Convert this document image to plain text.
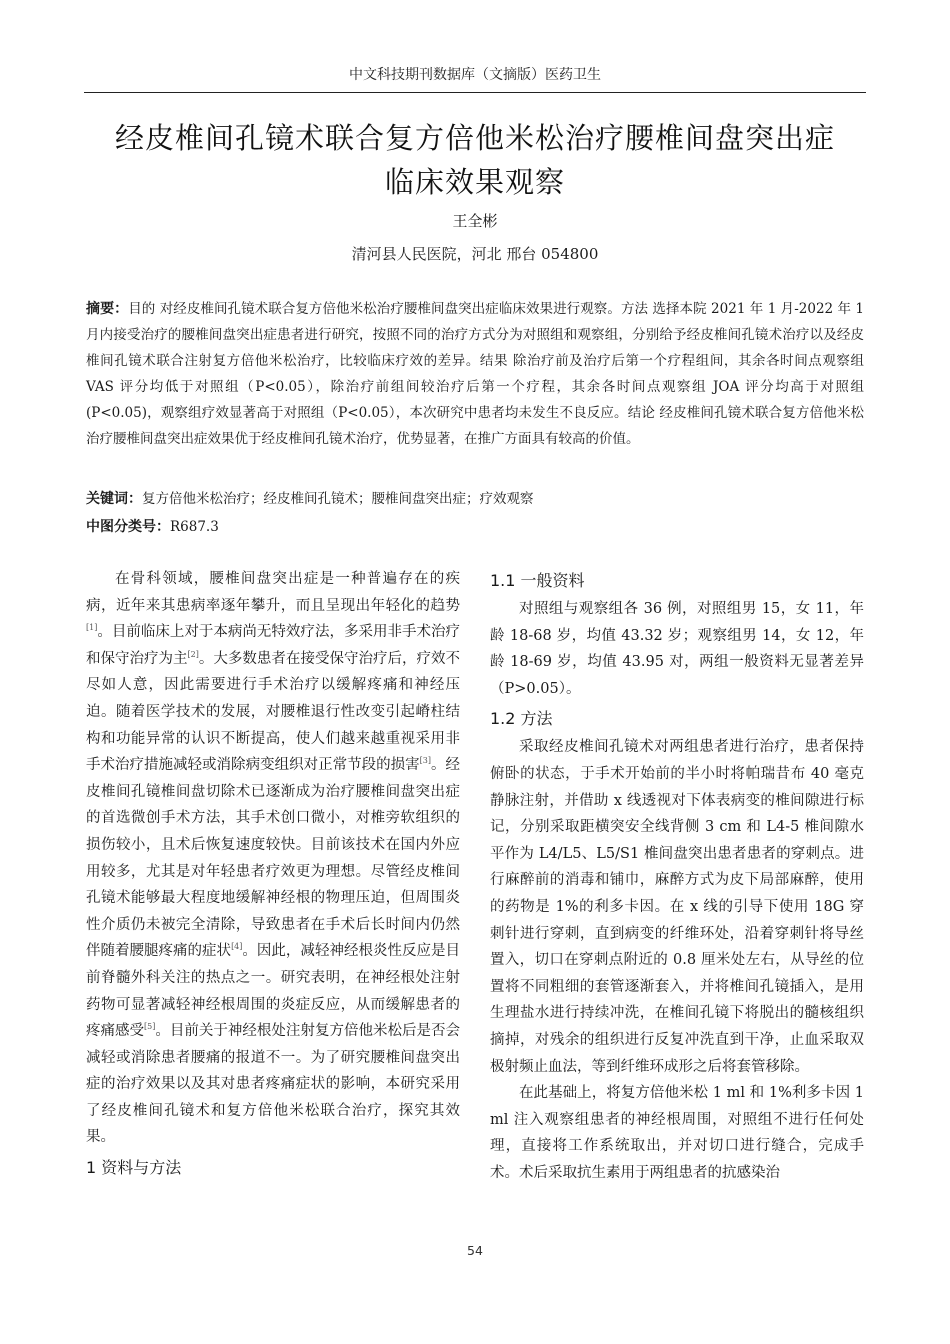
中文科技期刊数据库（文摘版）医药卫生
经皮椎间孔镜术联合复方倍他米松治疗腰椎间盘突出症
临床效果观察
王全彬
清河县人民医院，河北 邢台 054800
摘要：目的 对经皮椎间孔镜术联合复方倍他米松治疗腰椎间盘突出症临床效果进行观察。方法 选择本院 2021 年 1 月-2022 年 1 月内接受治疗的腰椎间盘突出症患者进行研究，按照不同的治疗方式分为对照组和观察组，分别给予经皮椎间孔镜术治疗以及经皮椎间孔镜术联合注射复方倍他米松治疗，比较临床疗效的差异。结果 除治疗前及治疗后第一个疗程组间，其余各时间点观察组 VAS 评分均低于对照组（P<0.05），除治疗前组间较治疗后第一个疗程，其余各时间点观察组 JOA 评分均高于对照组(P<0.05)，观察组疗效显著高于对照组（P<0.05），本次研究中患者均未发生不良反应。结论 经皮椎间孔镜术联合复方倍他米松治疗腰椎间盘突出症效果优于经皮椎间孔镜术治疗，优势显著，在推广方面具有较高的价值。
关键词：复方倍他米松治疗；经皮椎间孔镜术；腰椎间盘突出症；疗效观察
中图分类号：R687.3

在骨科领域，腰椎间盘突出症是一种普遍存在的疾病，近年来其患病率逐年攀升，而且呈现出年轻化的趋势[1]。目前临床上对于本病尚无特效疗法，多采用非手术治疗和保守治疗为主[2]。大多数患者在接受保守治疗后，疗效不尽如人意，因此需要进行手术治疗以缓解疼痛和神经压迫。随着医学技术的发展，对腰椎退行性改变引起嵴柱结构和功能异常的认识不断提高，使人们越来越重视采用非手术治疗措施减轻或消除病变组织对正常节段的损害[3]。经皮椎间孔镜椎间盘切除术已逐渐成为治疗腰椎间盘突出症的首选微创手术方法，其手术创口微小，对椎旁软组织的损伤较小，且术后恢复速度较快。目前该技术在国内外应用较多，尤其是对年轻患者疗效更为理想。尽管经皮椎间孔镜术能够最大程度地缓解神经根的物理压迫，但周围炎性介质仍未被完全清除，导致患者在手术后长时间内仍然伴随着腰腿疼痛的症状[4]。因此，减轻神经根炎性反应是目前脊髓外科关注的热点之一。研究表明，在神经根处注射药物可显著减轻神经根周围的炎症反应，从而缓解患者的疼痛感受[5]。目前关于神经根处注射复方倍他米松后是否会减轻或消除患者腰痛的报道不一。为了研究腰椎间盘突出症的治疗效果以及其对患者疼痛症状的影响，本研究采用了经皮椎间孔镜术和复方倍他米松联合治疗，探究其效果。

1 资料与方法
1.1 一般资料

对照组与观察组各 36 例，对照组男 15，女 11，年龄 18-68 岁，均值 43.32 岁；观察组男 14，女 12，年龄 18-69 岁，均值 43.95 对，两组一般资料无显著差异（P>0.05）。

1.2 方法

采取经皮椎间孔镜术对两组患者进行治疗，患者保持俯卧的状态，于手术开始前的半小时将帕瑞昔布 40 毫克静脉注射，并借助 x 线透视对下体表病变的椎间隙进行标记，分别采取距横突安全线背侧 3 cm 和 L4-5 椎间隙水平作为 L4/L5、L5/S1 椎间盘突出患者患者的穿刺点。进行麻醉前的消毒和铺巾，麻醉方式为皮下局部麻醉，使用的药物是 1%的利多卡因。在 x 线的引导下使用 18G 穿刺针进行穿刺，直到病变的纤维环处，沿着穿刺针将导丝置入，切口在穿刺点附近的 0.8 厘米处左右，从导丝的位置将不同粗细的套管逐渐套入，并将椎间孔镜插入，是用生理盐水进行持续冲洗，在椎间孔镜下将脱出的髓核组织摘掉，对残余的组织进行反复冲洗直到干净，止血采取双极射频止血法，等到纤维环成形之后将套管移除。

在此基础上，将复方倍他米松 1 ml 和 1%利多卡因 1 ml 注入观察组患者的神经根周围，对照组不进行任何处理，直接将工作系统取出，并对切口进行缝合，完成手术。术后采取抗生素用于两组患者的抗感染治

54
